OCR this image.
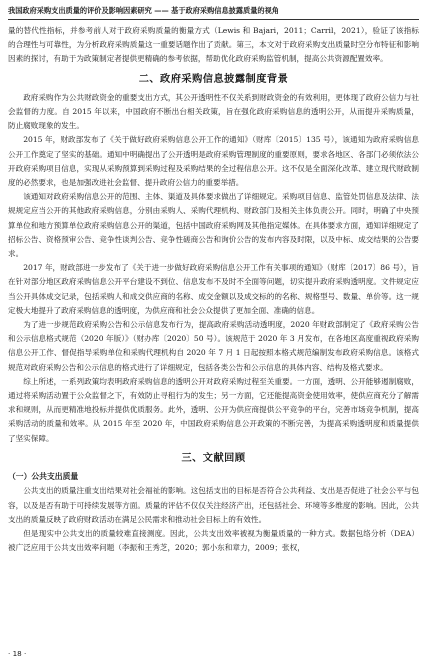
我国政府采购支出质量的评价及影响因素研究 —— 基于政府采购信息披露质量的视角

量的替代性指标，并参考前人对于政府采购质量的衡量方式（Lewis 和 Bajari，2011；Carril，2021），验证了该指标的合理性与可靠性，为分析政府采购质量这一重要话题作出了贡献。第三，本文对于政府采购支出质量时空分布特征和影响因素的探讨，有助于为政策制定者提供更精确的参考依据，帮助优化政府采购监管机制，提高公共资源配置效率。

二、政府采购信息披露制度背景

政府采购作为公共财政资金的重要支出方式，其公开透明性不仅关系到财政资金的有效利用，更体现了政府公信力与社会监督的力度。自 2015 年以来，中国政府不断出台相关政策，旨在强化政府采购信息的透明公开，从而提升采购质量，防止腐败现象的发生。

2015 年，财政部发布了《关于做好政府采购信息公开工作的通知》（财库〔2015〕135 号），该通知为政府采购信息公开工作奠定了坚实的基础。通知中明确提出了公开透明是政府采购管理制度的重要原则，要求各地区、各部门必须依法公开政府采购项目信息，实现从采购预算到采购过程及采购结果的全过程信息公开。这不仅是全面深化改革、建立现代财政制度的必然要求，也是加强改进社会监督、提升政府公信力的重要举措。

该通知对政府采购信息公开的范围、主体、渠道及具体要求做出了详细规定。采购项目信息、监管处罚信息及法律、法规规定应当公开的其他政府采购信息，分别由采购人、采购代理机构、财政部门及相关主体负责公开。同时，明确了中央预算单位和地方预算单位政府采购信息公开的渠道，包括中国政府采购网及其他指定媒体。在具体要求方面，通知详细规定了招标公告、资格预审公告、竞争性谈判公告、竞争性磋商公告和询价公告的发布内容及时限，以及中标、成交结果的公告要求。

2017 年，财政部进一步发布了《关于进一步做好政府采购信息公开工作有关事项的通知》（财库〔2017〕86 号），旨在针对部分地区政府采购信息公开平台建设不到位、信息发布不及时不全面等问题，切实提升政府采购透明度。文件规定应当公开具体成交记录，包括采购人和成交供应商的名称、成交金额以及成交标的的名称、规格型号、数量、单价等。这一规定极大地提升了政府采购信息的透明度，为供应商和社会公众提供了更加全面、准确的信息。

为了进一步规范政府采购公告和公示信息发布行为，提高政府采购活动透明度，2020 年财政部制定了《政府采购公告和公示信息格式规范（2020 年版）》（财办库〔2020〕50 号）。该规范于 2020 年 3 月发布，在各地区高度重视政府采购信息公开工作、督促指导采购单位和采购代理机构自 2020 年 7 月 1 日起按照本格式规范编制发布政府采购信息。该格式规范对政府采购公告和公示信息的格式进行了详细规定，包括各类公告和公示信息的具体内容、结构及格式要求。

综上所述，一系列政策均表明政府采购信息的透明公开对政府采购过程至关重要。一方面，透明、公开能够遏制腐败，通过将采购活动置于公众监督之下，有效防止寻租行为的发生；另一方面，它还能提高资金使用效率，使供应商充分了解需求和规则，从而更精准地投标并提供优质服务。此外，透明、公开为供应商提供公平竞争的平台，完善市场竞争机制，提高采购活动的质量和效率。从 2015 年至 2020 年，中国政府采购信息公开政策的不断完善，为提高采购透明度和质量提供了坚实保障。

三、文献回顾
（一）公共支出质量

公共支出的质量注重支出结果对社会福祉的影响。这包括支出的目标是否符合公共利益、支出是否促进了社会公平与包容，以及是否有助于可持续发展等方面。质量的评估不仅仅关注经济产出，还包括社会、环境等多维度的影响。因此，公共支出的质量反映了政府财政活动在满足公民需求和推动社会目标上的有效性。

但是现实中公共支出的质量较难直接测度。因此，公共支出效率被视为衡量质量的一种方式。数据包络分析（DEA）被广泛应用于公共支出效率问题（李振和王秀芝，2020；郭小东和章力，2009；张权，

· 18 ·
